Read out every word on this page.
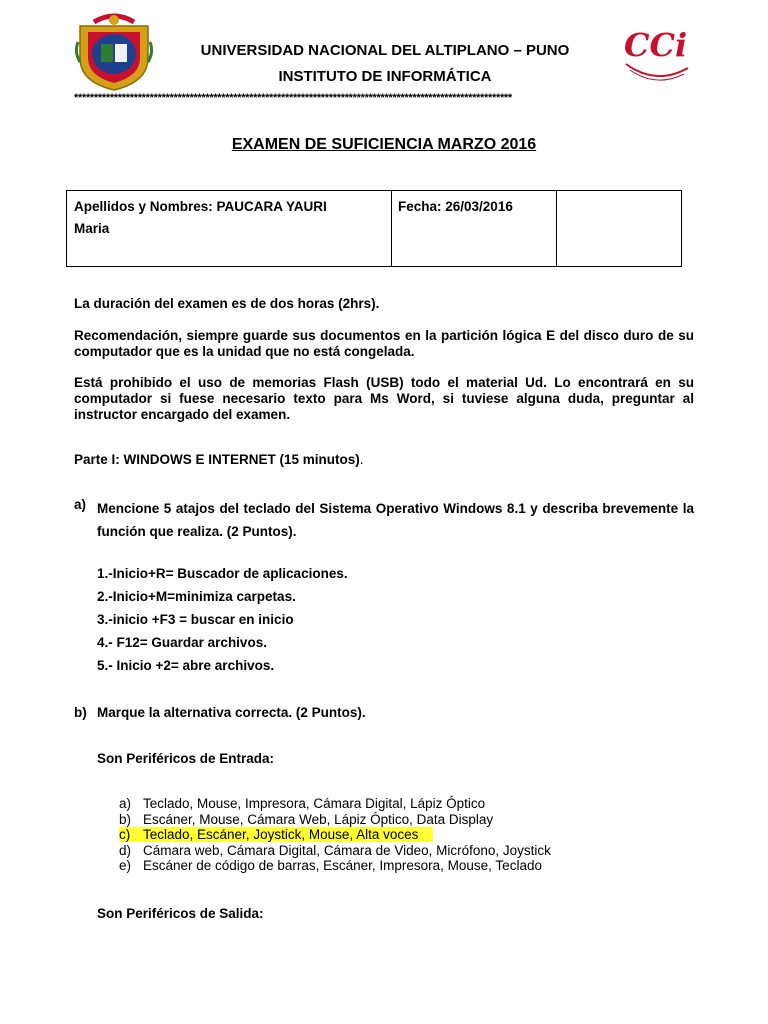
UNIVERSIDAD NACIONAL DEL ALTIPLANO – PUNO
INSTITUTO DE INFORMÁTICA
CCi
**************************************************************************************************************
EXAMEN DE SUFICIENCIA MARZO 2016
Apellidos y Nombres: PAUCARA YAURI
Maria
Fecha: 26/03/2016
La duración del examen es de dos horas (2hrs).
Recomendación, siempre guarde sus documentos en la partición lógica E del disco duro de su computador que es la unidad que no está congelada.
Está prohibido el uso de memorias Flash (USB) todo el material Ud. Lo encontrará en su computador si fuese necesario texto para Ms Word, si tuviese alguna duda, preguntar al instructor encargado del examen.
Parte I: WINDOWS E INTERNET (15 minutos).
a) Mencione 5 atajos del teclado del Sistema Operativo Windows 8.1 y describa brevemente la función que realiza. (2 Puntos).
1.-Inicio+R= Buscador de aplicaciones.
2.-Inicio+M=minimiza carpetas.
3.-inicio +F3 = buscar en inicio
4.- F12= Guardar archivos.
5.- Inicio +2= abre archivos.
b) Marque la alternativa correcta. (2 Puntos).
Son Periféricos de Entrada:
a) Teclado, Mouse, Impresora, Cámara Digital, Lápiz Óptico
b) Escáner, Mouse, Cámara Web, Lápiz Óptico, Data Display
c) Teclado, Escáner, Joystick, Mouse, Alta voces
d) Cámara web, Cámara Digital, Cámara de Video, Micrófono, Joystick
e) Escáner de código de barras, Escáner, Impresora, Mouse, Teclado
Son Periféricos de Salida:
